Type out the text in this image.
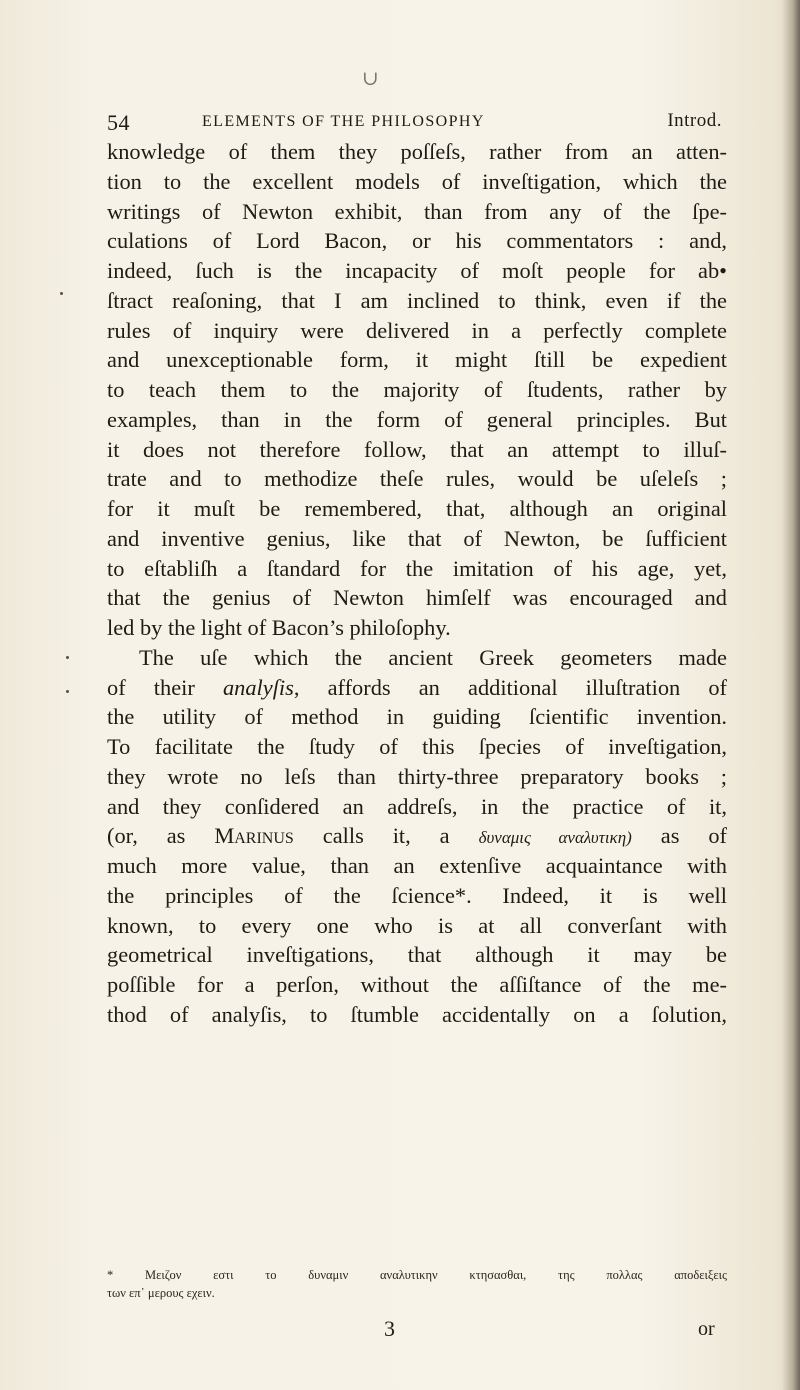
∪
54	ELEMENTS OF THE PHILOSOPHY	Introd.
knowledge of them they poſſeſs, rather from an atten-
tion to the excellent models of inveſtigation, which the
writings of Newton exhibit, than from any of the ſpe-
culations of Lord Bacon, or his commentators : and,
indeed, ſuch is the incapacity of moſt people for ab•
ſtract reaſoning, that I am inclined to think, even if the
rules of inquiry were delivered in a perfectly complete
and unexceptionable form, it might ſtill be expedient
to teach them to the majority of ſtudents, rather by
examples, than in the form of general principles. But
it does not therefore follow, that an attempt to illuſ-
trate and to methodize theſe rules, would be uſeleſs ;
for it muſt be remembered, that, although an original
and inventive genius, like that of Newton, be ſufficient
to eſtabliſh a ſtandard for the imitation of his age, yet,
that the genius of Newton himſelf was encouraged and
led by the light of Bacon’s philoſophy.
The uſe which the ancient Greek geometers made
of their analyſis, affords an additional illuſtration of
the utility of method in guiding ſcientific invention.
To facilitate the ſtudy of this ſpecies of inveſtigation,
they wrote no leſs than thirty-three preparatory books ;
and they conſidered an addreſs, in the practice of it,
(or, as Marinus calls it, a δυναμις αναλυτικη) as of
much more value, than an extenſive acquaintance with
the principles of the ſcience*. Indeed, it is well
known, to every one who is at all converſant with
geometrical inveſtigations, that although it may be
poſſible for a perſon, without the aſſiſtance of the me-
thod of analyſis, to ſtumble accidentally on a ſolution,
* Μειζον εστι το δυναμιν αναλυτικην κτησασθαι, της πολλας αποδειξεις
των επ᾽ μερους εχειν.
3	or
